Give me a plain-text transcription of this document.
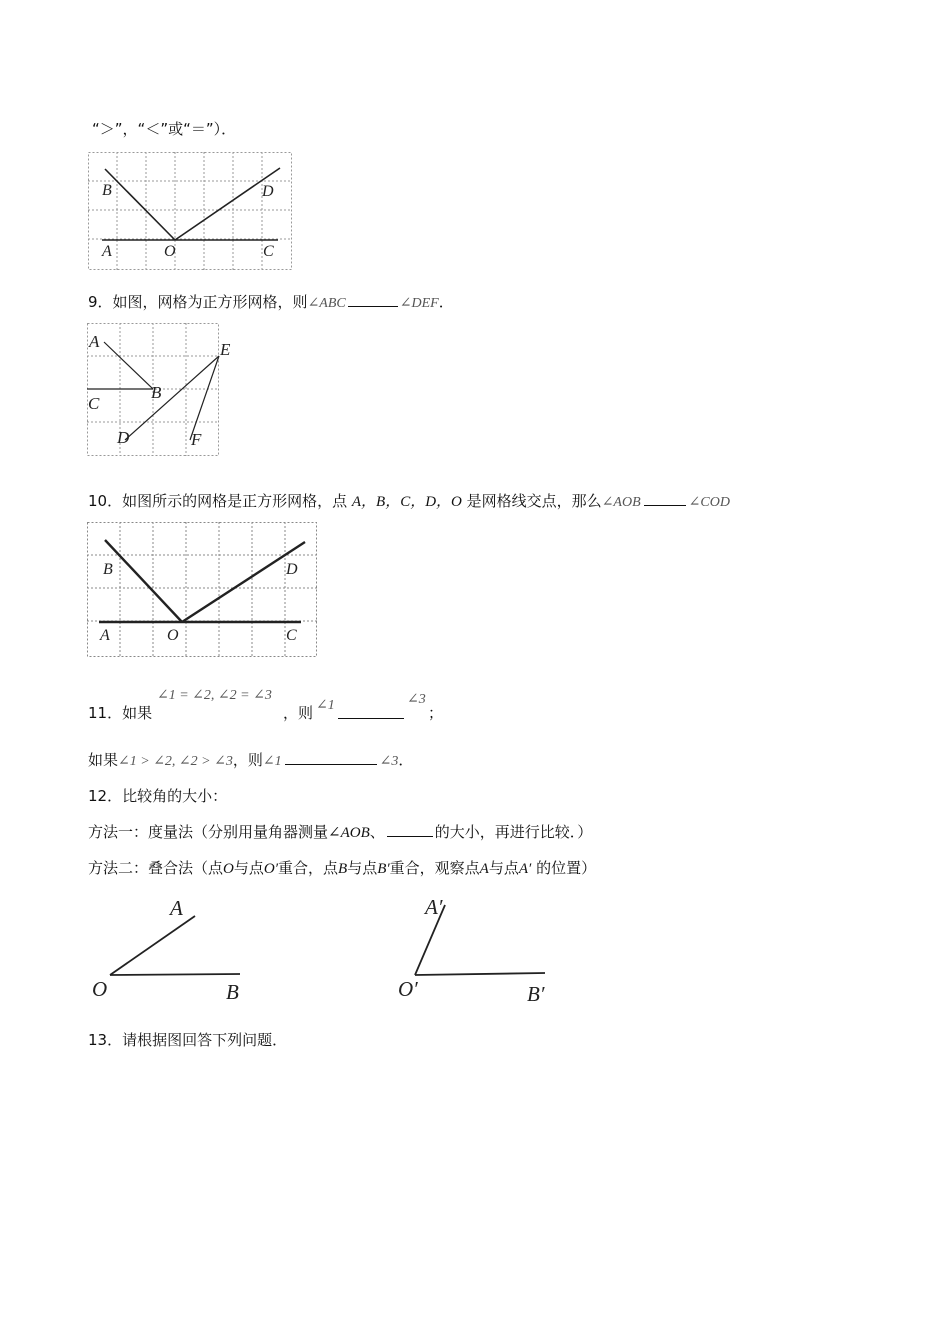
“＞”，“＜”或“＝”）．
B	D
A	O	C
9．如图，网格为正方形网格，则∠ABC	∠DEF．
A
B
C
D
E
F
10．如图所示的网格是正方形网格，点 A，B，C，D，O 是网格线交点，那么∠AOB	∠COD
B	D
A	O	C
11．如果
∠1 = ∠2, ∠2 = ∠3
，则 ∠1	∠3
；
如果∠1 > ∠2, ∠2 > ∠3，则∠1	∠3．
12．比较角的大小：
方法一：度量法（分别用量角器测量∠AOB、	的大小，再进行比较．）
方法二：叠合法（点O与点O′重合，点B与点B′重合，观察点A与点A′ 的位置）
A
O	B
A′
O′	B′
13．请根据图回答下列问题．
